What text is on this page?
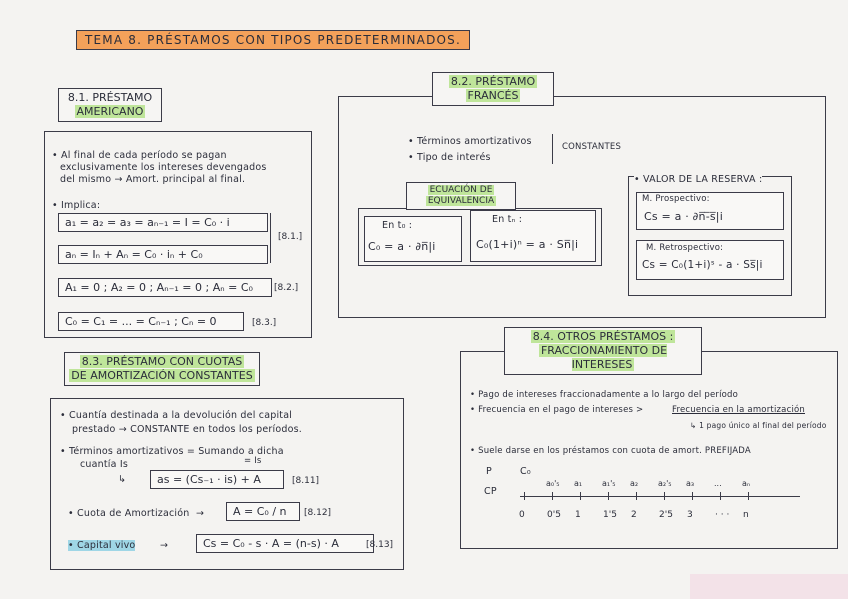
TEMA 8. PRÉSTAMOS CON TIPOS PREDETERMINADOS.
8.1. PRÉSTAMO
AMERICANO
• Al final de cada período se pagan
exclusivamente los intereses devengados
del mismo → Amort. principal al final.
• Implica:
a₁ = a₂ = a₃ = aₙ₋₁ = I = C₀ · i
aₙ = Iₙ + Aₙ = C₀ · iₙ + C₀
[8.1.]
A₁ = 0 ; A₂ = 0 ; Aₙ₋₁ = 0 ; Aₙ = C₀	[8.2.]
C₀ = C₁ = ... = Cₙ₋₁ ; Cₙ = 0	[8.3.]
8.2. PRÉSTAMO
FRANCÉS
• Términos amortizativos
• Tipo de interés
CONSTANTES
ECUACIÓN DE
EQUIVALENCIA
En t₀ :
C₀ = a · ∂n̅|i
En tₙ :
C₀(1+i)ⁿ = a · Sn̅|i
• VALOR DE LA RESERVA :
M. Prospectivo:
Cs = a · ∂n̅-̅s̅|i
M. Retrospectivo:
Cs = C₀(1+i)ˢ - a · Ss̅|i
8.3. PRÉSTAMO CON CUOTAS
DE AMORTIZACIÓN CONSTANTES
• Cuantía destinada a la devolución del capital
prestado → CONSTANTE en todos los períodos.
• Términos amortizativos = Sumando a dicha
cuantía Is	= Is
↳	as = (Cs₋₁ · is) + A	[8.11]
• Cuota de Amortización →	A = C₀ / n	[8.12]
• Capital vivo	→	Cs = C₀ - s · A = (n-s) · A	[8.13]
8.4. OTROS PRÉSTAMOS :
FRACCIONAMIENTO DE INTERESES
• Pago de intereses fraccionadamente a lo largo del período
• Frecuencia en el pago de intereses >	Frecuencia en la amortización
↳ 1 pago único al final del período
• Suele darse en los préstamos con cuota de amort. PREFIJADA
P
CP
C₀
0 0'5 1 1'5 2 2'5 3 · · · n
a₀'₅ a₁ a₁'₅ a₂ a₂'₅ a₃ ...	aₙ
